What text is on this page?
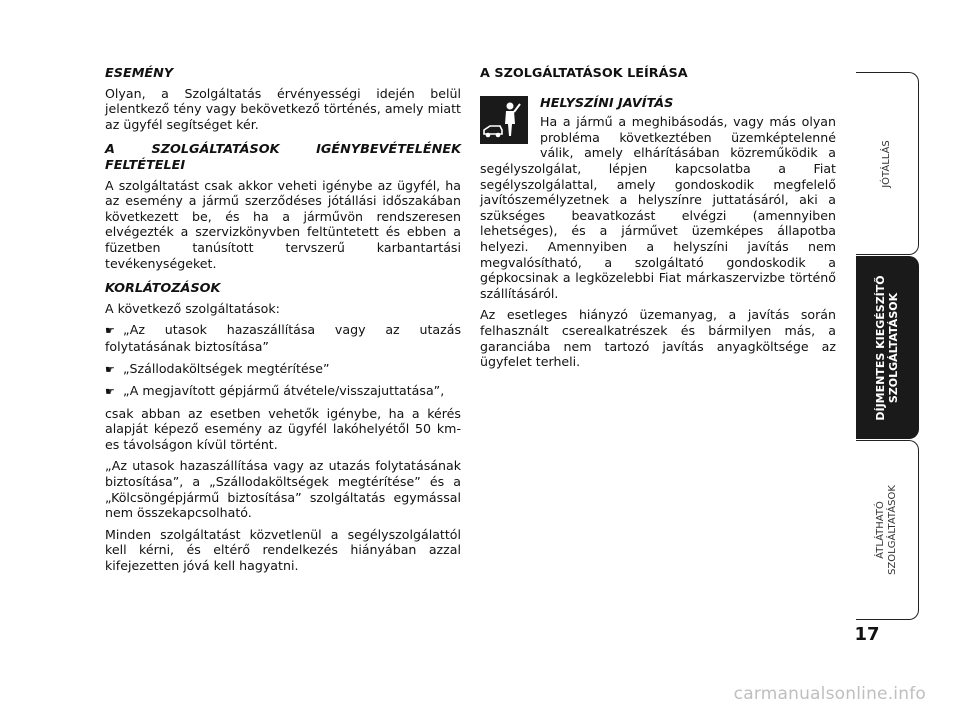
ESEMÉNY
Olyan, a Szolgáltatás érvényességi idején belül jelentkező tény vagy bekövetkező történés, amely miatt az ügyfél segítséget kér.
A SZOLGÁLTATÁSOK IGÉNYBEVÉTELÉNEK FELTÉTELEI
A szolgáltatást csak akkor veheti igénybe az ügyfél, ha az esemény a jármű szerződéses jótállási időszakában következett be, és ha a járművön rendszeresen elvégezték a szervizkönyvben feltüntetett és ebben a füzetben tanúsított tervszerű karbantartási tevékenységeket.
KORLÁTOZÁSOK
A következő szolgáltatások:
☛ „Az utasok hazaszállítása vagy az utazás folytatásának biztosítása”
☛ „Szállodaköltségek megtérítése”
☛ „A megjavított gépjármű átvétele/visszajuttatása”,
csak abban az esetben vehetők igénybe, ha a kérés alapját képező esemény az ügyfél lakóhelyétől 50 km-es távolságon kívül történt.
„Az utasok hazaszállítása vagy az utazás folytatásának biztosítása”, a „Szállodaköltségek megtérítése” és a „Kölcsöngépjármű biztosítása” szolgáltatás egymással nem összekapcsolható.
Minden szolgáltatást közvetlenül a segélyszolgálattól kell kérni, és eltérő rendelkezés hiányában azzal kifejezetten jóvá kell hagyatni.
A SZOLGÁLTATÁSOK LEÍRÁSA
HELYSZÍNI JAVÍTÁS
Ha a jármű a meghibásodás, vagy más olyan probléma következtében üzemképtelenné válik, amely elhárításában közreműködik a segélyszolgálat, lépjen kapcsolatba a Fiat segélyszolgálattal, amely gondoskodik megfelelő javítószemélyzetnek a helyszínre juttatásáról, aki a szükséges beavatkozást elvégzi (amennyiben lehetséges), és a járművet üzemképes állapotba helyezi. Amennyiben a helyszíni javítás nem megvalósítható, a szolgáltató gondoskodik a gépkocsinak a legközelebbi Fiat márkaszervizbe történő szállításáról.
Az esetleges hiányzó üzemanyag, a javítás során felhasznált cserealkatrészek és bármilyen más, a garanciába nem tartozó javítás anyagköltsége az ügyfelet terheli.
JÓTÁLLÁS
DÍJMENTES KIEGÉSZÍTŐ
SZOLGÁLTATÁSOK
ÁTLÁTHATÓ
SZOLGÁLTATÁSOK
17
carmanualsonline.info
